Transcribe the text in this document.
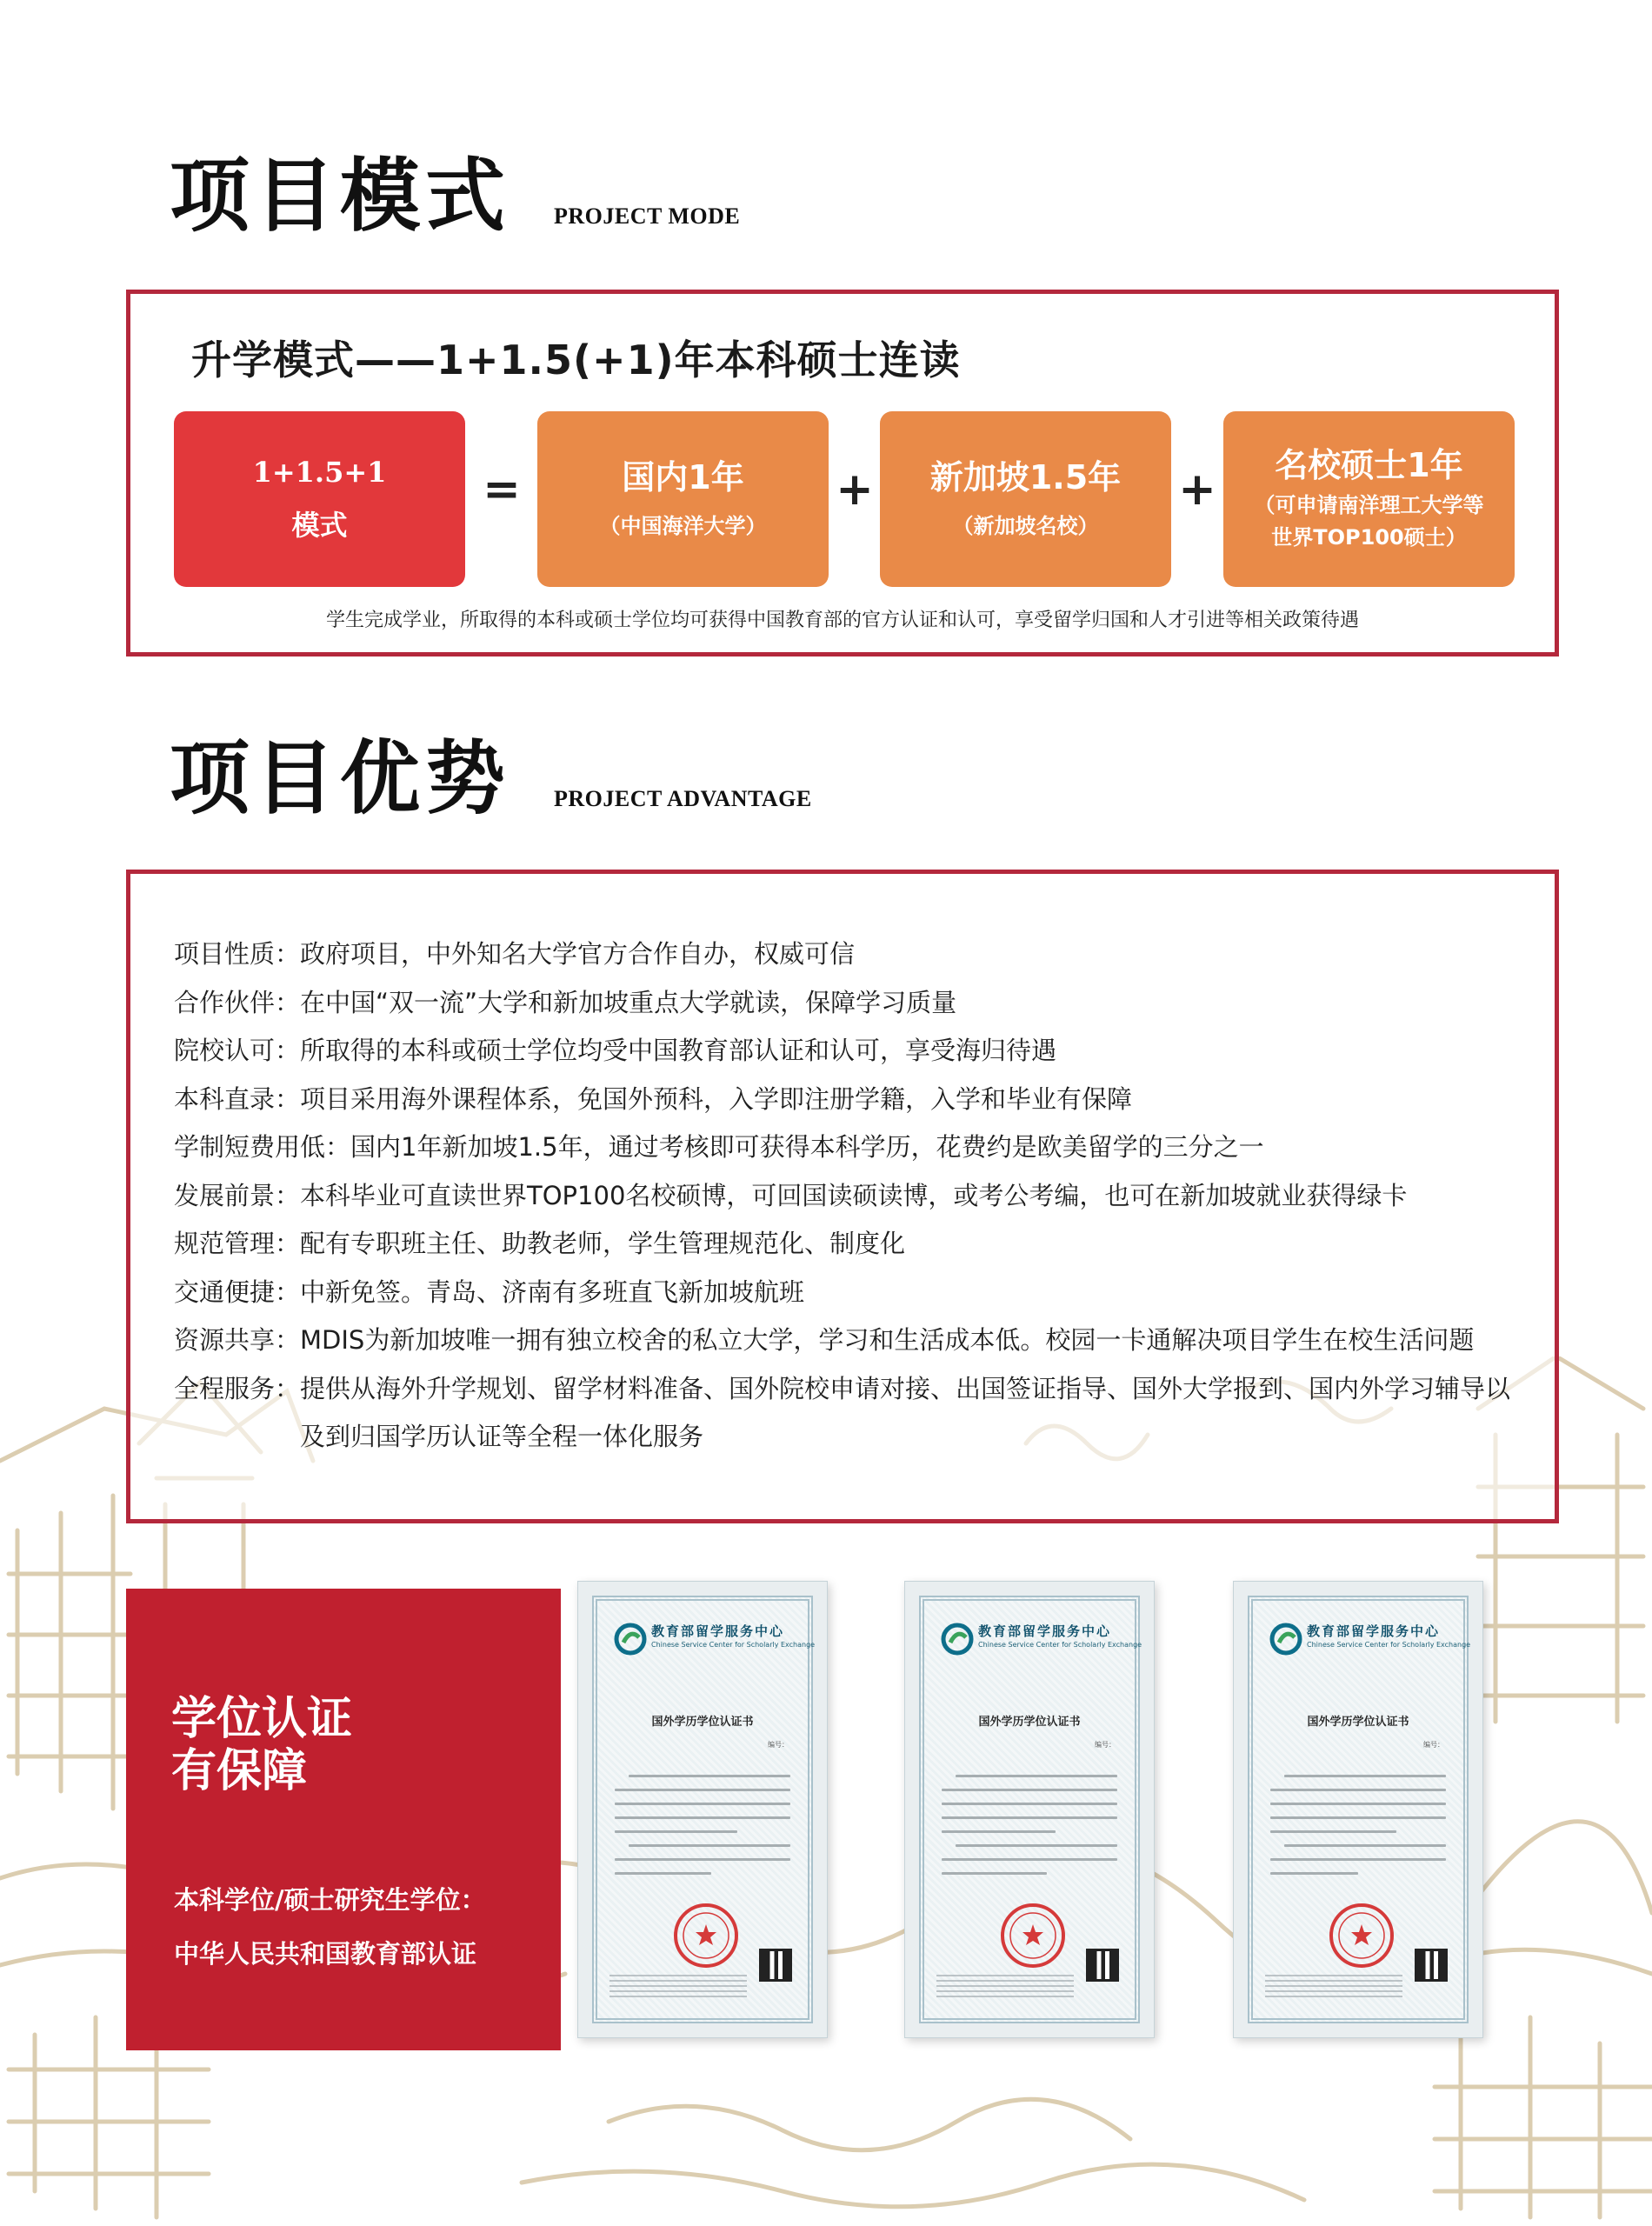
项目模式 PROJECT MODE
升学模式——1+1.5(+1)年本科硕士连读
1+1.5+1
模式
=	国内1年
（中国海洋大学）
+ 新加坡1.5年
（新加坡名校）
+ 名校硕士1年
（可申请南洋理工大学等
世界TOP100硕士）
学生完成学业，所取得的本科或硕士学位均可获得中国教育部的官方认证和认可，享受留学归国和人才引进等相关政策待遇
项目优势 PROJECT ADVANTAGE
项目性质： 政府项目，中外知名大学官方合作自办，权威可信
合作伙伴： 在中国“双一流”大学和新加坡重点大学就读，保障学习质量
院校认可： 所取得的本科或硕士学位均受中国教育部认证和认可，享受海归待遇
本科直录： 项目采用海外课程体系，免国外预科，入学即注册学籍，入学和毕业有保障
学制短费用低： 国内1年新加坡1.5年，通过考核即可获得本科学历，花费约是欧美留学的三分之一
发展前景： 本科毕业可直读世界TOP100名校硕博，可回国读硕读博，或考公考编，也可在新加坡就业获得绿卡
规范管理： 配有专职班主任、助教老师，学生管理规范化、制度化
交通便捷： 中新免签。青岛、济南有多班直飞新加坡航班
资源共享： MDIS为新加坡唯一拥有独立校舍的私立大学，学习和生活成本低。校园一卡通解决项目学生在校生活问题
全程服务： 提供从海外升学规划、留学材料准备、国外院校申请对接、出国签证指导、国外大学报到、国内外学习辅导以及到归国学历认证等全程一体化服务
学位认证
有保障
本科学位/硕士研究生学位：
中华人民共和国教育部认证
教育部留学服务中心
Chinese Service Center for Scholarly Exchange
国外学历学位认证书
编号：
教育部留学服务中心
Chinese Service Center for Scholarly Exchange
国外学历学位认证书
编号：
教育部留学服务中心
Chinese Service Center for Scholarly Exchange
国外学历学位认证书
编号：
